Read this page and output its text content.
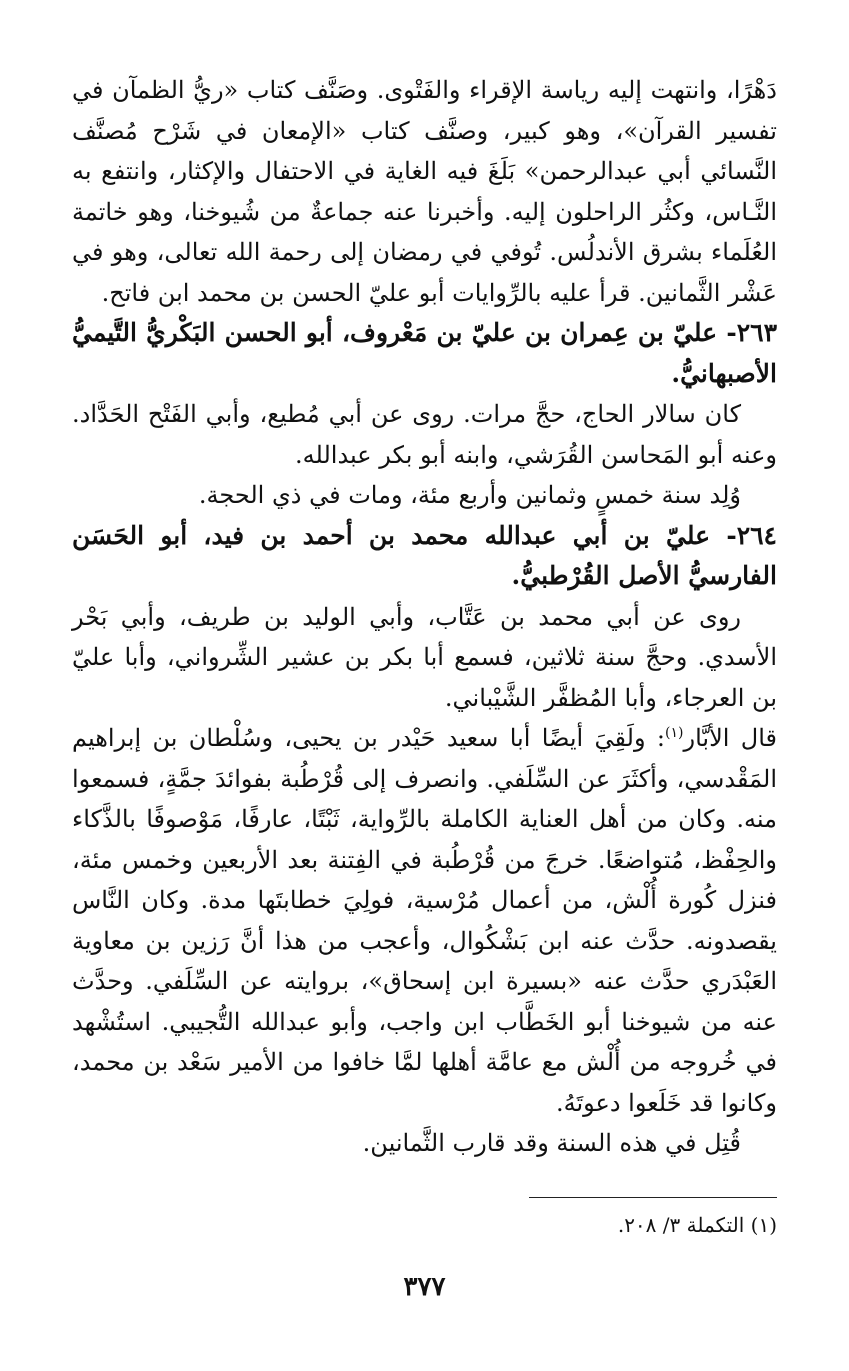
دَهْرًا، وانتهت إليه رياسة الإقراء والفَتْوى. وصَنَّف كتاب «ريُّ الظمآن في تفسير القرآن»، وهو كبير، وصنَّف كتاب «الإمعان في شَرْح مُصنَّف النَّسائي أبي عبدالرحمن» بَلَغَ فيه الغاية في الاحتفال والإكثار، وانتفع به النَّـاس، وكثُر الراحلون إليه. وأخبرنا عنه جماعةٌ من شُيوخنا، وهو خاتمة العُلَماء بشرق الأندلُس. تُوفي في رمضان إلى رحمة الله تعالى، وهو في عَشْر الثَّمانين. قرأ عليه بالرِّوايات أبو عليّ الحسن بن محمد ابن فاتح.

٢٦٣- عليّ بن عِمران بن عليّ بن مَعْروف، أبو الحسن البَكْريُّ التَّيميُّ الأصبهانيُّ.

كان سالار الحاج، حجَّ مرات. روى عن أبي مُطيع، وأبي الفَتْح الحَدَّاد. وعنه أبو المَحاسن القُرَشي، وابنه أبو بكر عبدالله.

وُلِد سنة خمسٍ وثمانين وأربع مئة، ومات في ذي الحجة.

٢٦٤- عليّ بن أبي عبدالله محمد بن أحمد بن فيد، أبو الحَسَن الفارسيُّ الأصل القُرْطبيُّ.

روى عن أبي محمد بن عَتَّاب، وأبي الوليد بن طريف، وأبي بَحْر الأسدي. وحجَّ سنة ثلاثين، فسمع أبا بكر بن عشير الشِّرواني، وأبا عليّ بن العرجاء، وأبا المُظفَّر الشَّيْباني.

قال الأبَّار$^{(١)}$: ولَقِيَ أيضًا أبا سعيد حَيْدر بن يحيى، وسُلْطان بن إبراهيم المَقْدسي، وأكثَرَ عن السِّلَفي. وانصرف إلى قُرْطُبة بفوائدَ جمَّةٍ، فسمعوا منه. وكان من أهل العناية الكاملة بالرِّواية، ثَبْتًا، عارفًا، مَوْصوفًا بالذَّكاء والحِفْظ، مُتواضعًا. خرجَ من قُرْطُبة في الفِتنة بعد الأربعين وخمس مئة، فنزل كُورة أُلْش، من أعمال مُرْسية، فولِيَ خطابتَها مدة. وكان النَّاس يقصدونه. حدَّث عنه ابن بَشْكُوال، وأعجب من هذا أنَّ رَزين بن معاوية العَبْدَري حدَّث عنه «بسيرة ابن إسحاق»، بروايته عن السِّلَفي. وحدَّث عنه من شيوخنا أبو الخَطَّاب ابن واجب، وأبو عبدالله التُّجيبي. استُشْهد في خُروجه من أُلْش مع عامَّة أهلها لمَّا خافوا من الأمير سَعْد بن محمد، وكانوا قد خَلَعوا دعوتَهُ.

قُتِل في هذه السنة وقد قارب الثَّمانين.

(١) التكملة ٣/ ٢٠٨.
٣٧٧
